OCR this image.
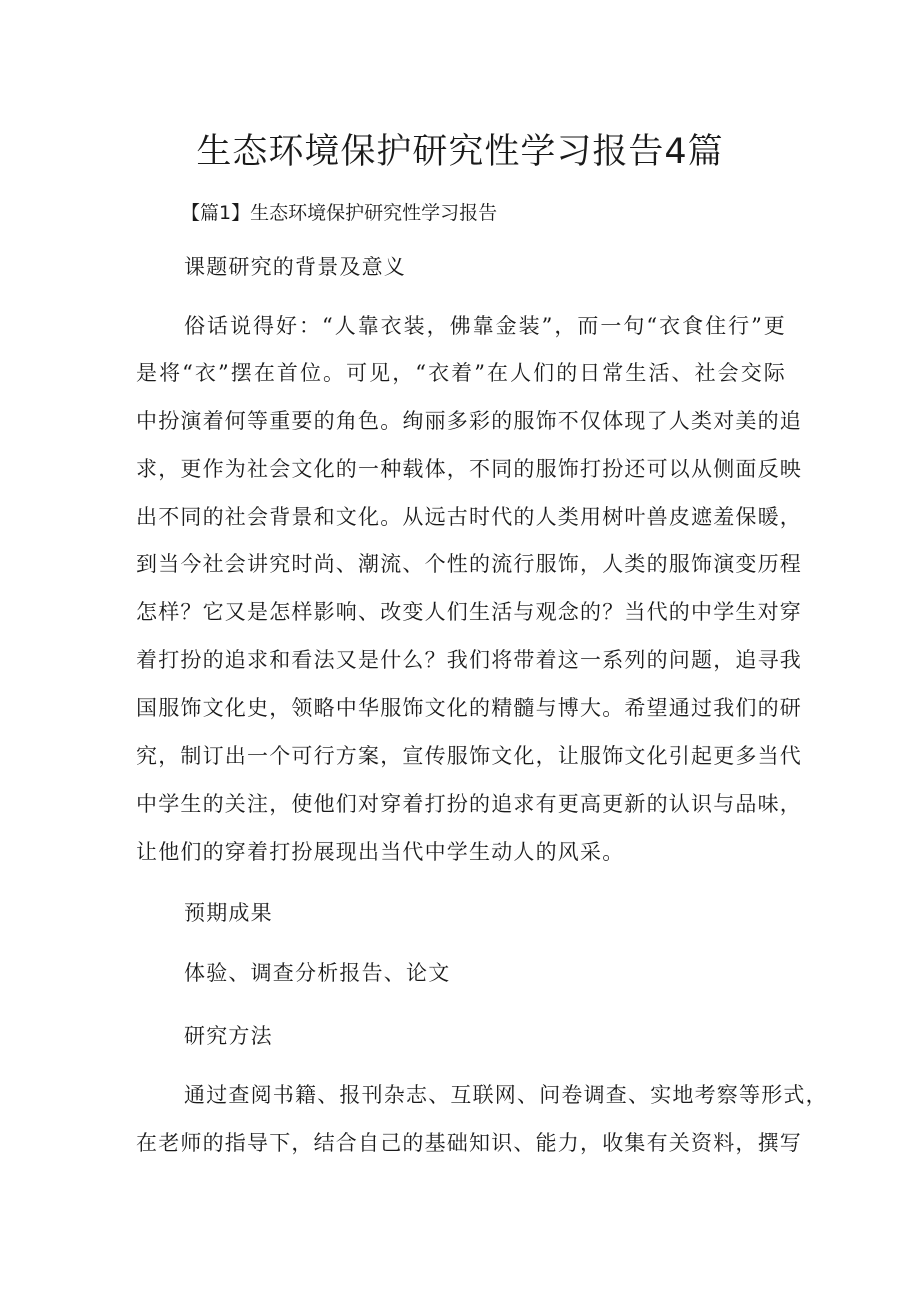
生态环境保护研究性学习报告4篇
【篇1】生态环境保护研究性学习报告
课题研究的背景及意义
俗话说得好：“人靠衣装，佛靠金装”，而一句“衣食住行”更
是将“衣”摆在首位。可见，“衣着”在人们的日常生活、社会交际
中扮演着何等重要的角色。绚丽多彩的服饰不仅体现了人类对美的追
求，更作为社会文化的一种载体，不同的服饰打扮还可以从侧面反映
出不同的社会背景和文化。从远古时代的人类用树叶兽皮遮羞保暖，
到当今社会讲究时尚、潮流、个性的流行服饰，人类的服饰演变历程
怎样？它又是怎样影响、改变人们生活与观念的？当代的中学生对穿
着打扮的追求和看法又是什么？我们将带着这一系列的问题，追寻我
国服饰文化史，领略中华服饰文化的精髓与博大。希望通过我们的研
究，制订出一个可行方案，宣传服饰文化，让服饰文化引起更多当代
中学生的关注，使他们对穿着打扮的追求有更高更新的认识与品味，
让他们的穿着打扮展现出当代中学生动人的风采。
预期成果
体验、调查分析报告、论文
研究方法
通过查阅书籍、报刊杂志、互联网、问卷调查、实地考察等形式，
在老师的指导下，结合自己的基础知识、能力，收集有关资料，撰写
